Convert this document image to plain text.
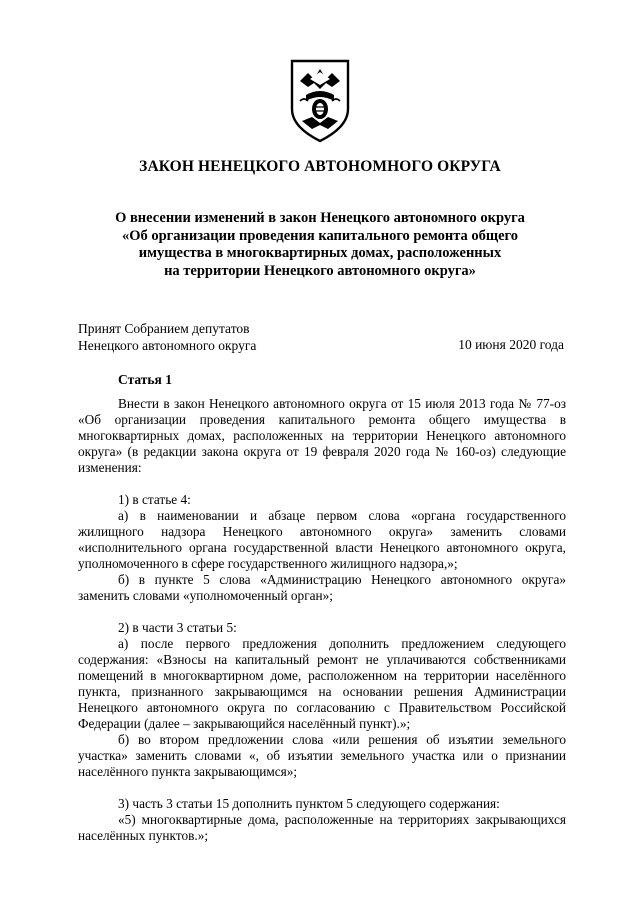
ЗАКОН НЕНЕЦКОГО АВТОНОМНОГО ОКРУГА
О внесении изменений в закон Ненецкого автономного округа
«Об организации проведения капитального ремонта общего
имущества в многоквартирных домах, расположенных
на территории Ненецкого автономного округа»
Принят Собранием депутатов
Ненецкого автономного округа	10 июня 2020 года
Статья 1

Внести в закон Ненецкого автономного округа от 15 июля 2013 года № 77-оз «Об организации проведения капитального ремонта общего имущества в многоквартирных домах, расположенных на территории Ненецкого автономного округа» (в редакции закона округа от 19 февраля 2020 года № 160-оз) следующие изменения:

1) в статье 4:

а) в наименовании и абзаце первом слова «органа государственного жилищного надзора Ненецкого автономного округа» заменить словами «исполнительного органа государственной власти Ненецкого автономного округа, уполномоченного в сфере государственного жилищного надзора,»;

б) в пункте 5 слова «Администрацию Ненецкого автономного округа» заменить словами «уполномоченный орган»;

2) в части 3 статьи 5:

а) после первого предложения дополнить предложением следующего содержания: «Взносы на капитальный ремонт не уплачиваются собственниками помещений в многоквартирном доме, расположенном на территории населённого пункта, признанного закрывающимся на основании решения Администрации Ненецкого автономного округа по согласованию с Правительством Российской Федерации (далее – закрывающийся населённый пункт).»;

б) во втором предложении слова «или решения об изъятии земельного участка» заменить словами «, об изъятии земельного участка или о признании населённого пункта закрывающимся»;

3) часть 3 статьи 15 дополнить пунктом 5 следующего содержания:

«5) многоквартирные дома, расположенные на территориях закрывающихся населённых пунктов.»;
